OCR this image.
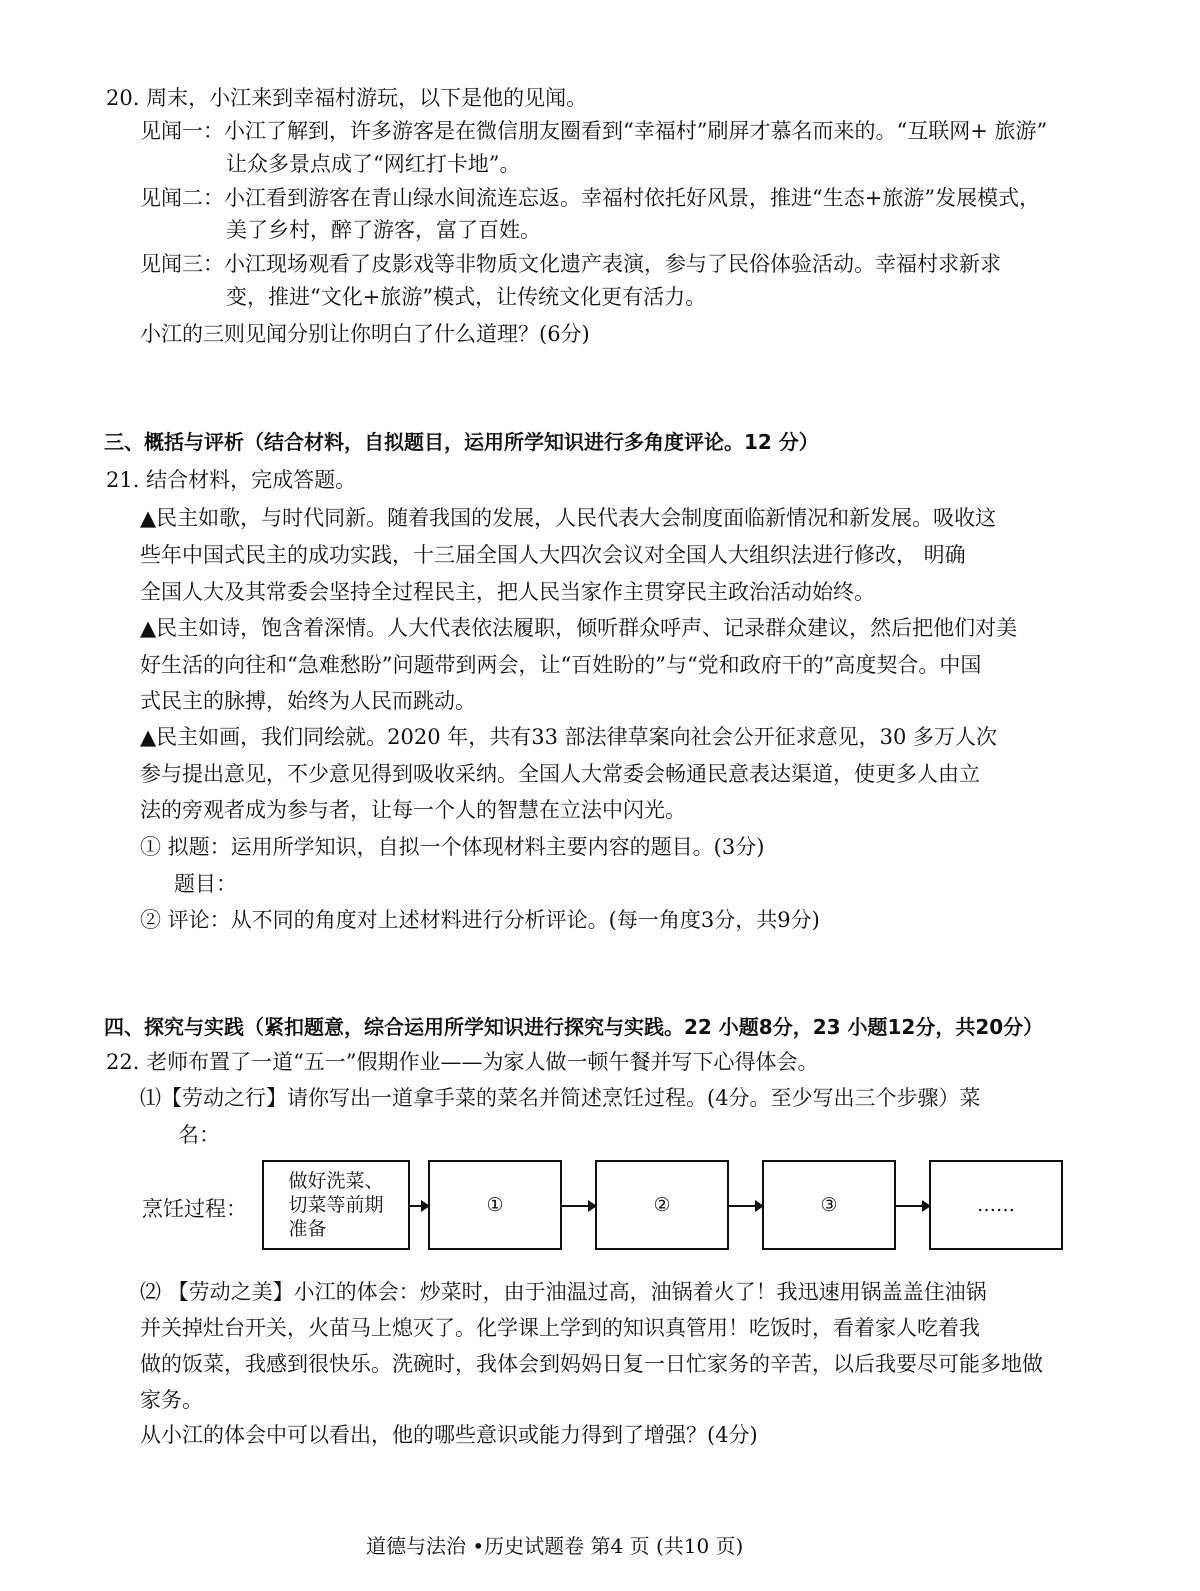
20. 周末，小江来到幸福村游玩，以下是他的见闻。
见闻一：小江了解到，许多游客是在微信朋友圈看到“幸福村”刷屏才慕名而来的。“互联网+ 旅游”
让众多景点成了“网红打卡地”。
见闻二：小江看到游客在青山绿水间流连忘返。幸福村依托好风景，推进“生态+旅游”发展模式，
美了乡村，醉了游客，富了百姓。
见闻三：小江现场观看了皮影戏等非物质文化遗产表演，参与了民俗体验活动。幸福村求新求
变，推进“文化+旅游”模式，让传统文化更有活力。
小江的三则见闻分别让你明白了什么道理？(6分)
三、概括与评析（结合材料，自拟题目，运用所学知识进行多角度评论。12 分）
21. 结合材料，完成答题。
▲民主如歌，与时代同新。随着我国的发展，人民代表大会制度面临新情况和新发展。吸收这
些年中国式民主的成功实践，十三届全国人大四次会议对全国人大组织法进行修改， 明确
全国人大及其常委会坚持全过程民主，把人民当家作主贯穿民主政治活动始终。
▲民主如诗，饱含着深情。人大代表依法履职，倾听群众呼声、记录群众建议，然后把他们对美
好生活的向往和“急难愁盼”问题带到两会，让“百姓盼的”与“党和政府干的”高度契合。中国
式民主的脉搏，始终为人民而跳动。
▲民主如画，我们同绘就。2020 年，共有33 部法律草案向社会公开征求意见，30 多万人次
参与提出意见，不少意见得到吸收采纳。全国人大常委会畅通民意表达渠道，使更多人由立
法的旁观者成为参与者，让每一个人的智慧在立法中闪光。
① 拟题：运用所学知识，自拟一个体现材料主要内容的题目。(3分)
题目：
② 评论：从不同的角度对上述材料进行分析评论。(每一角度3分，共9分)
四、探究与实践（紧扣题意，综合运用所学知识进行探究与实践。22 小题8分，23 小题12分，共20分）
22. 老师布置了一道“五一”假期作业——为家人做一顿午餐并写下心得体会。
⑴【劳动之行】请你写出一道拿手菜的菜名并简述烹饪过程。(4分。至少写出三个步骤）菜
名：
烹饪过程：
做好洗菜、
切菜等前期
准备
①	②	③	……
⑵ 【劳动之美】小江的体会：炒菜时，由于油温过高，油锅着火了！我迅速用锅盖盖住油锅
并关掉灶台开关，火苗马上熄灭了。化学课上学到的知识真管用！吃饭时，看着家人吃着我
做的饭菜，我感到很快乐。洗碗时，我体会到妈妈日复一日忙家务的辛苦，以后我要尽可能多地做
家务。
从小江的体会中可以看出，他的哪些意识或能力得到了增强？(4分)
道德与法治 •历史试题卷 第4 页 (共10 页)
